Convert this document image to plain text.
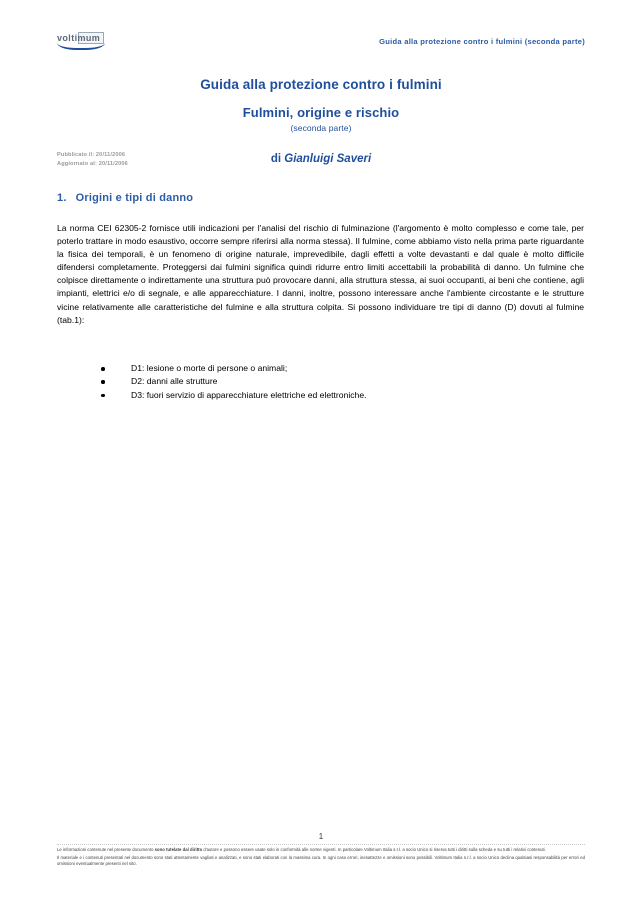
voltimum	Guida alla protezione contro i fulmini (seconda parte)
Guida alla protezione contro i fulmini
Fulmini, origine e rischio
(seconda parte)
Pubblicato il: 20/11/2006
Aggiornato al: 20/11/2006	di Gianluigi Saveri
1. Origini e tipi di danno
La norma CEI 62305-2 fornisce utili indicazioni per l'analisi del rischio di fulminazione (l'argomento è molto complesso e come tale, per poterlo trattare in modo esaustivo, occorre sempre riferirsi alla norma stessa). Il fulmine, come abbiamo visto nella prima parte riguardante la fisica dei temporali, è un fenomeno di origine naturale, imprevedibile, dagli effetti a volte devastanti e dal quale è molto difficile difendersi completamente. Proteggersi dai fulmini significa quindi ridurre entro limiti accettabili la probabilità di danno. Un fulmine che colpisce direttamente o indirettamente una struttura può provocare danni, alla struttura stessa, ai suoi occupanti, ai beni che contiene, agli impianti, elettrici e/o di segnale, e alle apparecchiature. I danni, inoltre, possono interessare anche l'ambiente circostante e le strutture vicine relativamente alle caratteristiche del fulmine e alla struttura colpita. Si possono individuare tre tipi di danno (D) dovuti al fulmine (tab.1):
D1: lesione o morte di persone o animali;
D2: danni alle strutture
D3: fuori servizio di apparecchiature elettriche ed elettroniche.
1

Le informazioni contenute nel presente documento sono tutelate dal diritto d'autore e possono essere usate solo in conformità alle norme vigenti. In particolare Voltimum Italia s.r.l. a socio Unico si riserva tutti i diritti sulla scheda e su tutti i relativi contenuti.

Il materiale e i contenuti presentati nel documento sono stati attentamente vagliati e analizzati, e sono stati elaborati con la massima cura. In ogni caso errori, inesattezze e omissioni sono possibili. Voltimum Italia s.r.l. a socio Unico declina qualsiasi responsabilità per errori ed omissioni eventualmente presenti nel sito.
